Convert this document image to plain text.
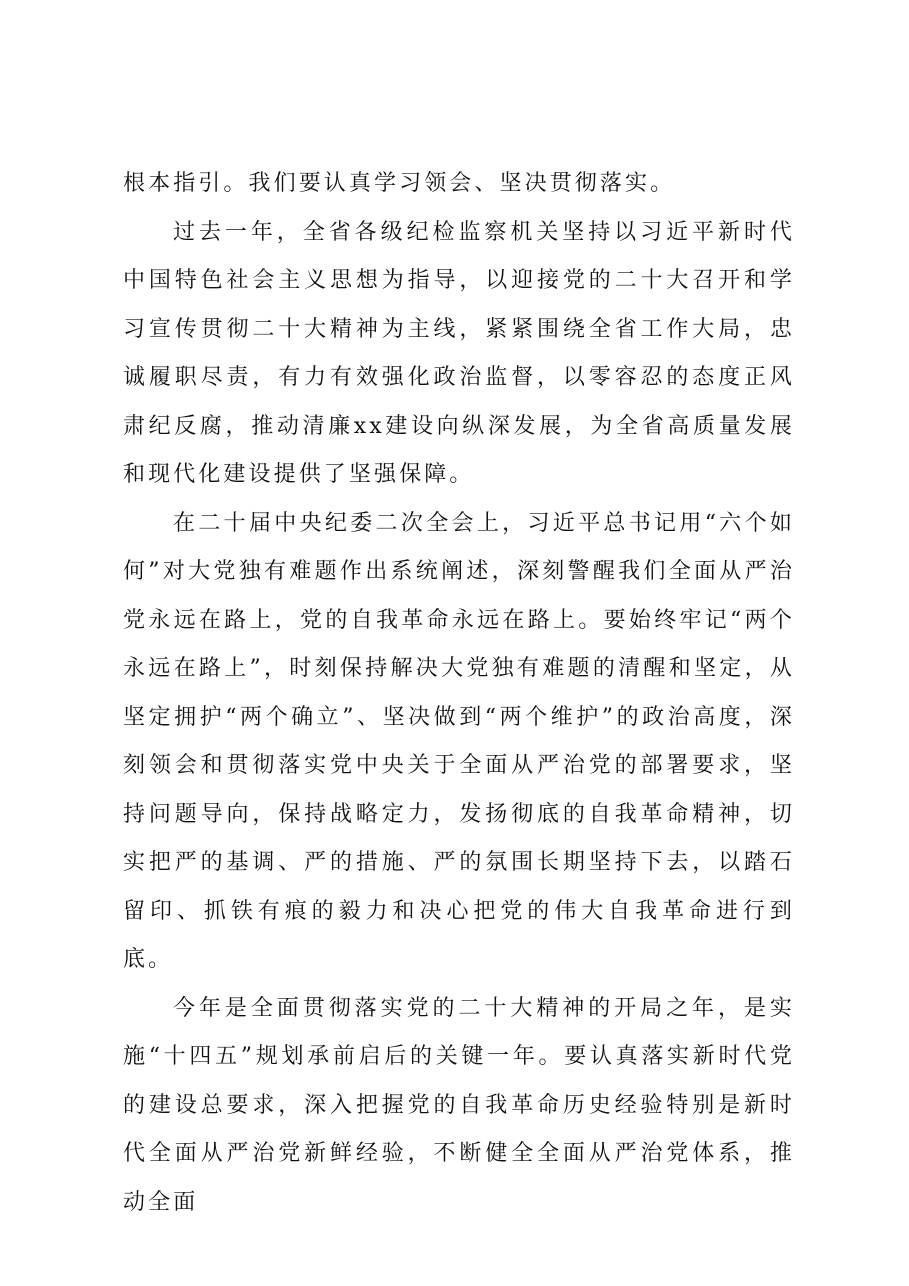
根本指引。我们要认真学习领会、坚决贯彻落实。

过去一年，全省各级纪检监察机关坚持以习近平新时代中国特色社会主义思想为指导，以迎接党的二十大召开和学习宣传贯彻二十大精神为主线，紧紧围绕全省工作大局，忠诚履职尽责，有力有效强化政治监督，以零容忍的态度正风肃纪反腐，推动清廉xx建设向纵深发展，为全省高质量发展和现代化建设提供了坚强保障。

在二十届中央纪委二次全会上，习近平总书记用“六个如何”对大党独有难题作出系统阐述，深刻警醒我们全面从严治党永远在路上，党的自我革命永远在路上。要始终牢记“两个永远在路上”，时刻保持解决大党独有难题的清醒和坚定，从坚定拥护“两个确立”、坚决做到“两个维护”的政治高度，深刻领会和贯彻落实党中央关于全面从严治党的部署要求，坚持问题导向，保持战略定力，发扬彻底的自我革命精神，切实把严的基调、严的措施、严的氛围长期坚持下去，以踏石留印、抓铁有痕的毅力和决心把党的伟大自我革命进行到底。

今年是全面贯彻落实党的二十大精神的开局之年，是实施“十四五”规划承前启后的关键一年。要认真落实新时代党的建设总要求，深入把握党的自我革命历史经验特别是新时代全面从严治党新鲜经验，不断健全全面从严治党体系，推动全面
